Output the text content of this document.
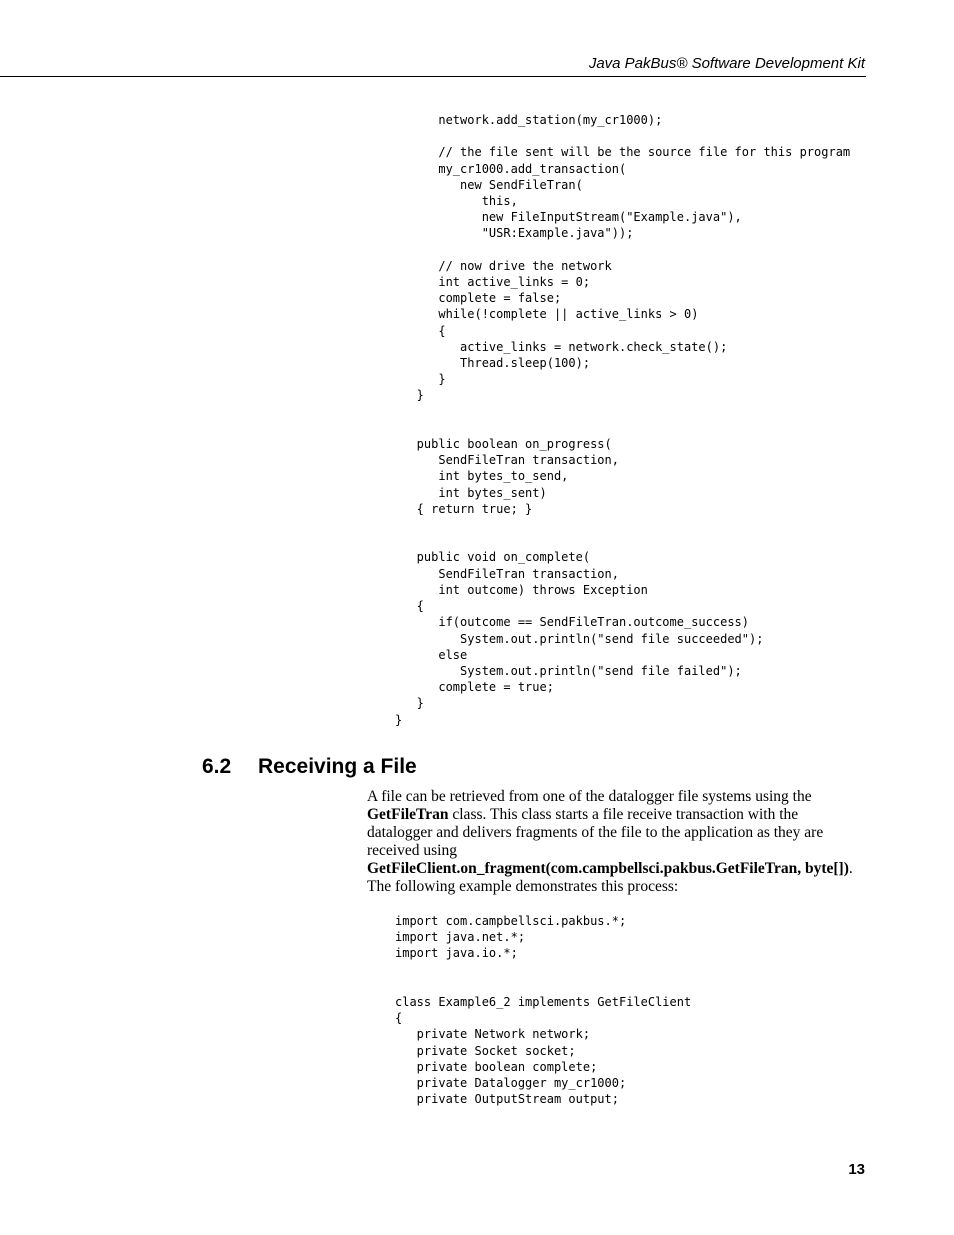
Java PakBus® Software Development Kit
network.add_station(my_cr1000);

// the file sent will be the source file for this program
my_cr1000.add_transaction(
new SendFileTran(
this,
new FileInputStream("Example.java"),
"USR:Example.java"));

// now drive the network
int active_links = 0;
complete = false;
while(!complete || active_links > 0)
{
active_links = network.check_state();
Thread.sleep(100);
}
}

public boolean on_progress(
SendFileTran transaction,
int bytes_to_send,
int bytes_sent)
{ return true; }

public void on_complete(
SendFileTran transaction,
int outcome) throws Exception
{
if(outcome == SendFileTran.outcome_success)
System.out.println("send file succeeded");
else
System.out.println("send file failed");
complete = true;
}
}
6.2 Receiving a File

A file can be retrieved from one of the datalogger file systems using the GetFileTran class. This class starts a file receive transaction with the datalogger and delivers fragments of the file to the application as they are received using
GetFileClient.on_fragment(com.campbellsci.pakbus.GetFileTran, byte[]). The following example demonstrates this process:

import com.campbellsci.pakbus.*;
import java.net.*;
import java.io.*;

class Example6_2 implements GetFileClient
{
private Network network;
private Socket socket;
private boolean complete;
private Datalogger my_cr1000;
private OutputStream output;
13
